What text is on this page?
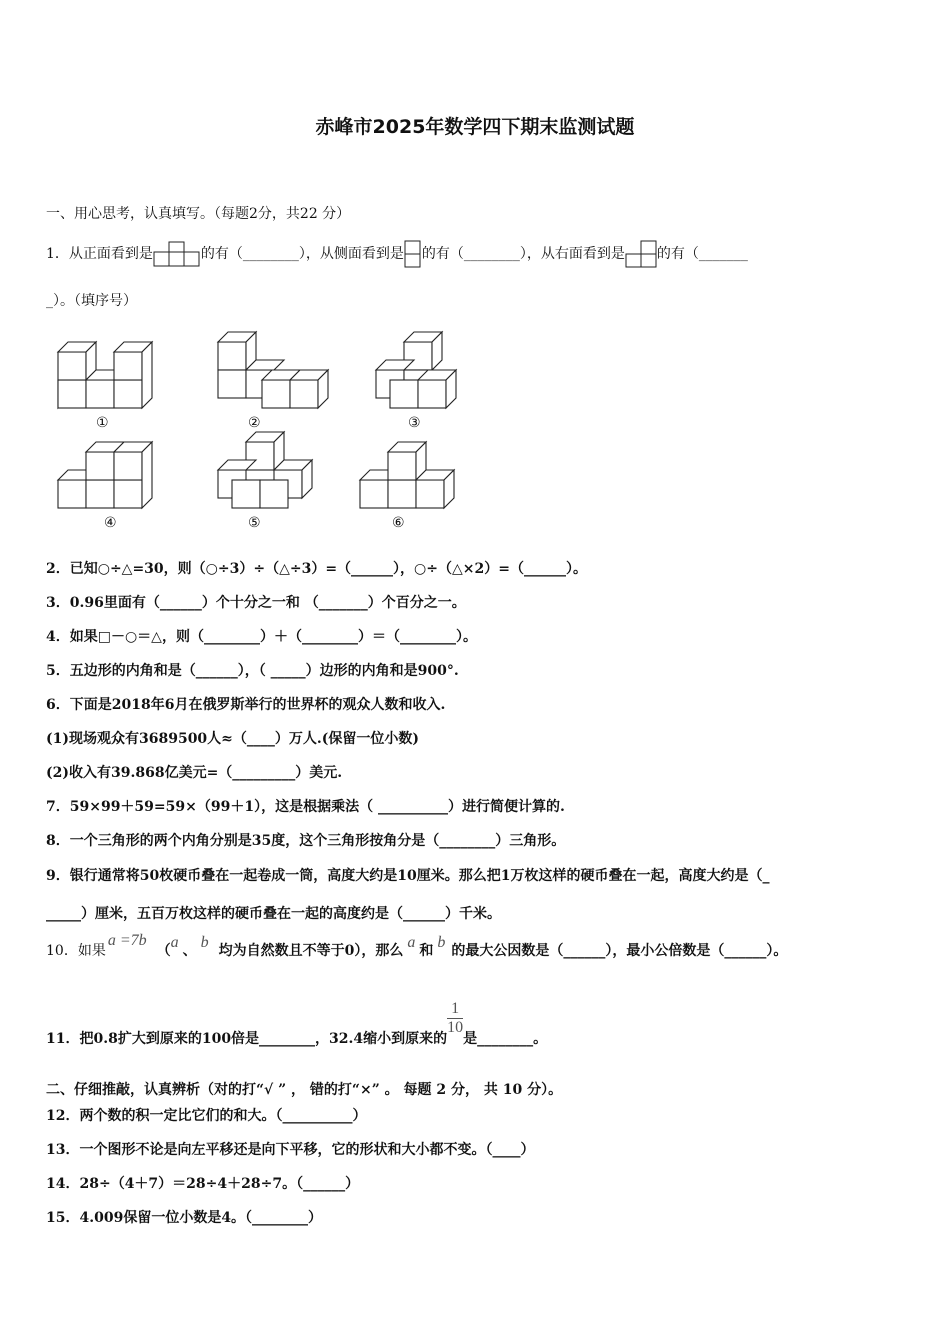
赤峰市2025年数学四下期末监测试题
一、用心思考，认真填写。（每题2分，共22 分）
1．从正面看到是	的有（________），从侧面看到是 的有（________），从右面看到是 的有（_______
_）。（填序号）
①	②	③
④	⑤	⑥
2．已知○÷△=30，则（○÷3）÷（△÷3）=（______），○÷（△×2）=（______）。
3．0.96里面有（______）个十分之一和 （_______）个百分之一。
4．如果□－○＝△，则（________）＋（________）＝（________）。
5．五边形的内角和是（______），（ _____）边形的内角和是900°.
6．下面是2018年6月在俄罗斯举行的世界杯的观众人数和收入.
(1)现场观众有3689500人≈（____）万人.(保留一位小数)
(2)收入有39.868亿美元=（_________）美元.
7．59×99＋59=59×（99＋1），这是根据乘法（ __________）进行简便计算的.
8．一个三角形的两个内角分别是35度，这个三角形按角分是（________）三角形。
9．银行通常将50枚硬币叠在一起卷成一筒，高度大约是10厘米。那么把1万枚这样的硬币叠在一起，高度大约是（_
_____）厘米，五百万枚这样的硬币叠在一起的高度约是（______）千米。
10．如果a =7b（a 、 b 均为自然数且不等于0），那么 a 和 b 的最大公因数是（______），最小公倍数是（______）。
11．把0.8扩大到原来的100倍是________，32.4缩小到原来的
$\frac{1}{10}$
是________。
二、仔细推敲，认真辨析（对的打“√ ” ， 错的打“×” 。 每题 2 分， 共 10 分）。
12．两个数的积一定比它们的和大。（__________）
13．一个图形不论是向左平移还是向下平移，它的形状和大小都不变。（____）
14．28÷（4＋7）＝28÷4＋28÷7。（______）
15．4.009保留一位小数是4。（________）
